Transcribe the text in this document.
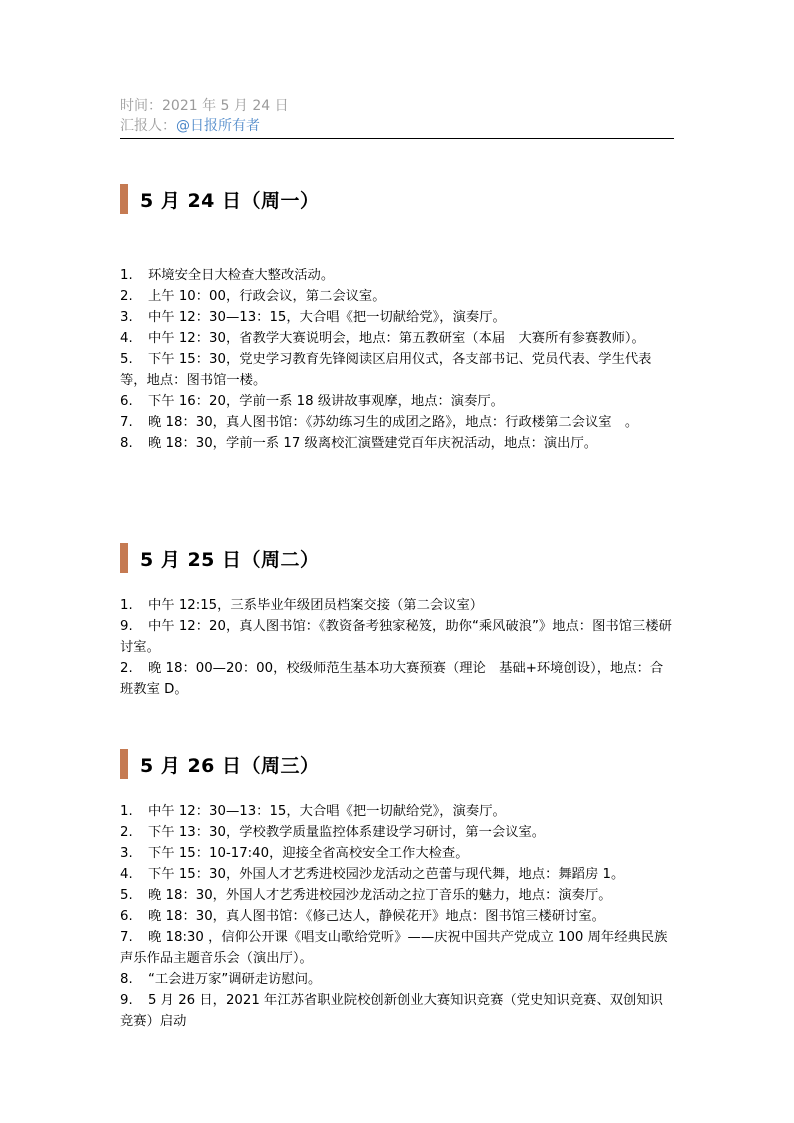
时间：2021 年 5 月 24 日
汇报人：@日报所有者
5 月 24 日（周一）
1.	环境安全日大检查大整改活动。
2.	上午 10：00，行政会议，第二会议室。
3.	中午 12：30—13：15，大合唱《把一切献给党》，演奏厅。
4. 中午 12：30，省教学大赛说明会，地点：第五教研室（本届　大赛所有参赛教师）。
5. 下午 15：30，党史学习教育先锋阅读区启用仪式，各支部书记、党员代表、学生代表等，地点：图书馆一楼。
6.	下午 16：20，学前一系 18 级讲故事观摩，地点：演奏厅。
7. 晚 18：30，真人图书馆：《苏幼练习生的成团之路》，地点：行政楼第二会议室　。
8.	晚 18：30，学前一系 17 级离校汇演暨建党百年庆祝活动，地点：演出厅。
5 月 25 日（周二）
1.	中午 12:15，三系毕业年级团员档案交接（第二会议室）
9. 中午 12：20，真人图书馆：《教资备考独家秘笈，助你“乘风破浪”》地点：图书馆三楼研讨室。
2. 晚 18：00—20：00，校级师范生基本功大赛预赛（理论　基础+环境创设），地点：合班教室 D。
5 月 26 日（周三）
1.	中午 12：30—13：15，大合唱《把一切献给党》，演奏厅。
2.	下午 13：30，学校教学质量监控体系建设学习研讨，第一会议室。
3.	下午 15：10-17:40，迎接全省高校安全工作大检查。
4.	下午 15：30，外国人才艺秀进校园沙龙活动之芭蕾与现代舞，地点：舞蹈房 1。
5.	晚 18：30，外国人才艺秀进校园沙龙活动之拉丁音乐的魅力，地点：演奏厅。
6.	晚 18：30，真人图书馆：《修己达人，静候花开》地点：图书馆三楼研讨室。
7. 晚 18:30 ，信仰公开课《唱支山歌给党听》——庆祝中国共产党成立 100 周年经典民族声乐作品主题音乐会（演出厅）。
8.	“工会进万家”调研走访慰问。
9. 5 月 26 日，2021 年江苏省职业院校创新创业大赛知识竞赛（党史知识竞赛、双创知识竞赛）启动
